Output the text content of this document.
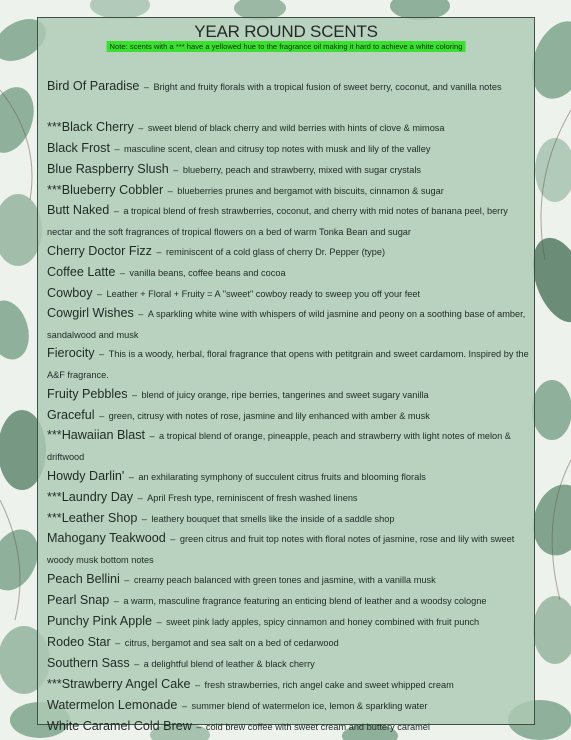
YEAR ROUND SCENTS
Note: scents with a *** have a yellowed hue to the fragrance oil making it hard to achieve a white coloring
Bird Of Paradise – Bright and fruity florals with a tropical fusion of sweet berry, coconut, and vanilla notes
***Black Cherry – sweet blend of black cherry and wild berries with hints of clove & mimosa
Black Frost – masculine scent, clean and citrusy top notes with musk and lily of the valley
Blue Raspberry Slush – blueberry, peach and strawberry, mixed with sugar crystals
***Blueberry Cobbler – blueberries prunes and bergamot with biscuits, cinnamon & sugar
Butt Naked – a tropical blend of fresh strawberries, coconut, and cherry with mid notes of banana peel, berry nectar and the soft fragrances of tropical flowers on a bed of warm Tonka Bean and sugar
Cherry Doctor Fizz – reminiscent of a cold glass of cherry Dr. Pepper (type)
Coffee Latte – vanilla beans, coffee beans and cocoa
Cowboy – Leather + Floral + Fruity = A "sweet" cowboy ready to sweep you off your feet
Cowgirl Wishes – A sparkling white wine with whispers of wild jasmine and peony on a soothing base of amber, sandalwood and musk
Fierocity – This is a woody, herbal, floral fragrance that opens with petitgrain and sweet cardamom. Inspired by the A&F fragrance.
Fruity Pebbles – blend of juicy orange, ripe berries, tangerines and sweet sugary vanilla
Graceful – green, citrusy with notes of rose, jasmine and lily enhanced with amber & musk
***Hawaiian Blast – a tropical blend of orange, pineapple, peach and strawberry with light notes of melon & driftwood
Howdy Darlin' – an exhilarating symphony of succulent citrus fruits and blooming florals
***Laundry Day – April Fresh type, reminiscent of fresh washed linens
***Leather Shop – leathery bouquet that smells like the inside of a saddle shop
Mahogany Teakwood – green citrus and fruit top notes with floral notes of jasmine, rose and lily with sweet woody musk bottom notes
Peach Bellini – creamy peach balanced with green tones and jasmine, with a vanilla musk
Pearl Snap – a warm, masculine fragrance featuring an enticing blend of leather and a woodsy cologne
Punchy Pink Apple – sweet pink lady apples, spicy cinnamon and honey combined with fruit punch
Rodeo Star – citrus, bergamot and sea salt on a bed of cedarwood
Southern Sass – a delightful blend of leather & black cherry
***Strawberry Angel Cake – fresh strawberries, rich angel cake and sweet whipped cream
Watermelon Lemonade – summer blend of watermelon ice, lemon & sparkling water
White Caramel Cold Brew – cold brew coffee with sweet cream and buttery caramel
